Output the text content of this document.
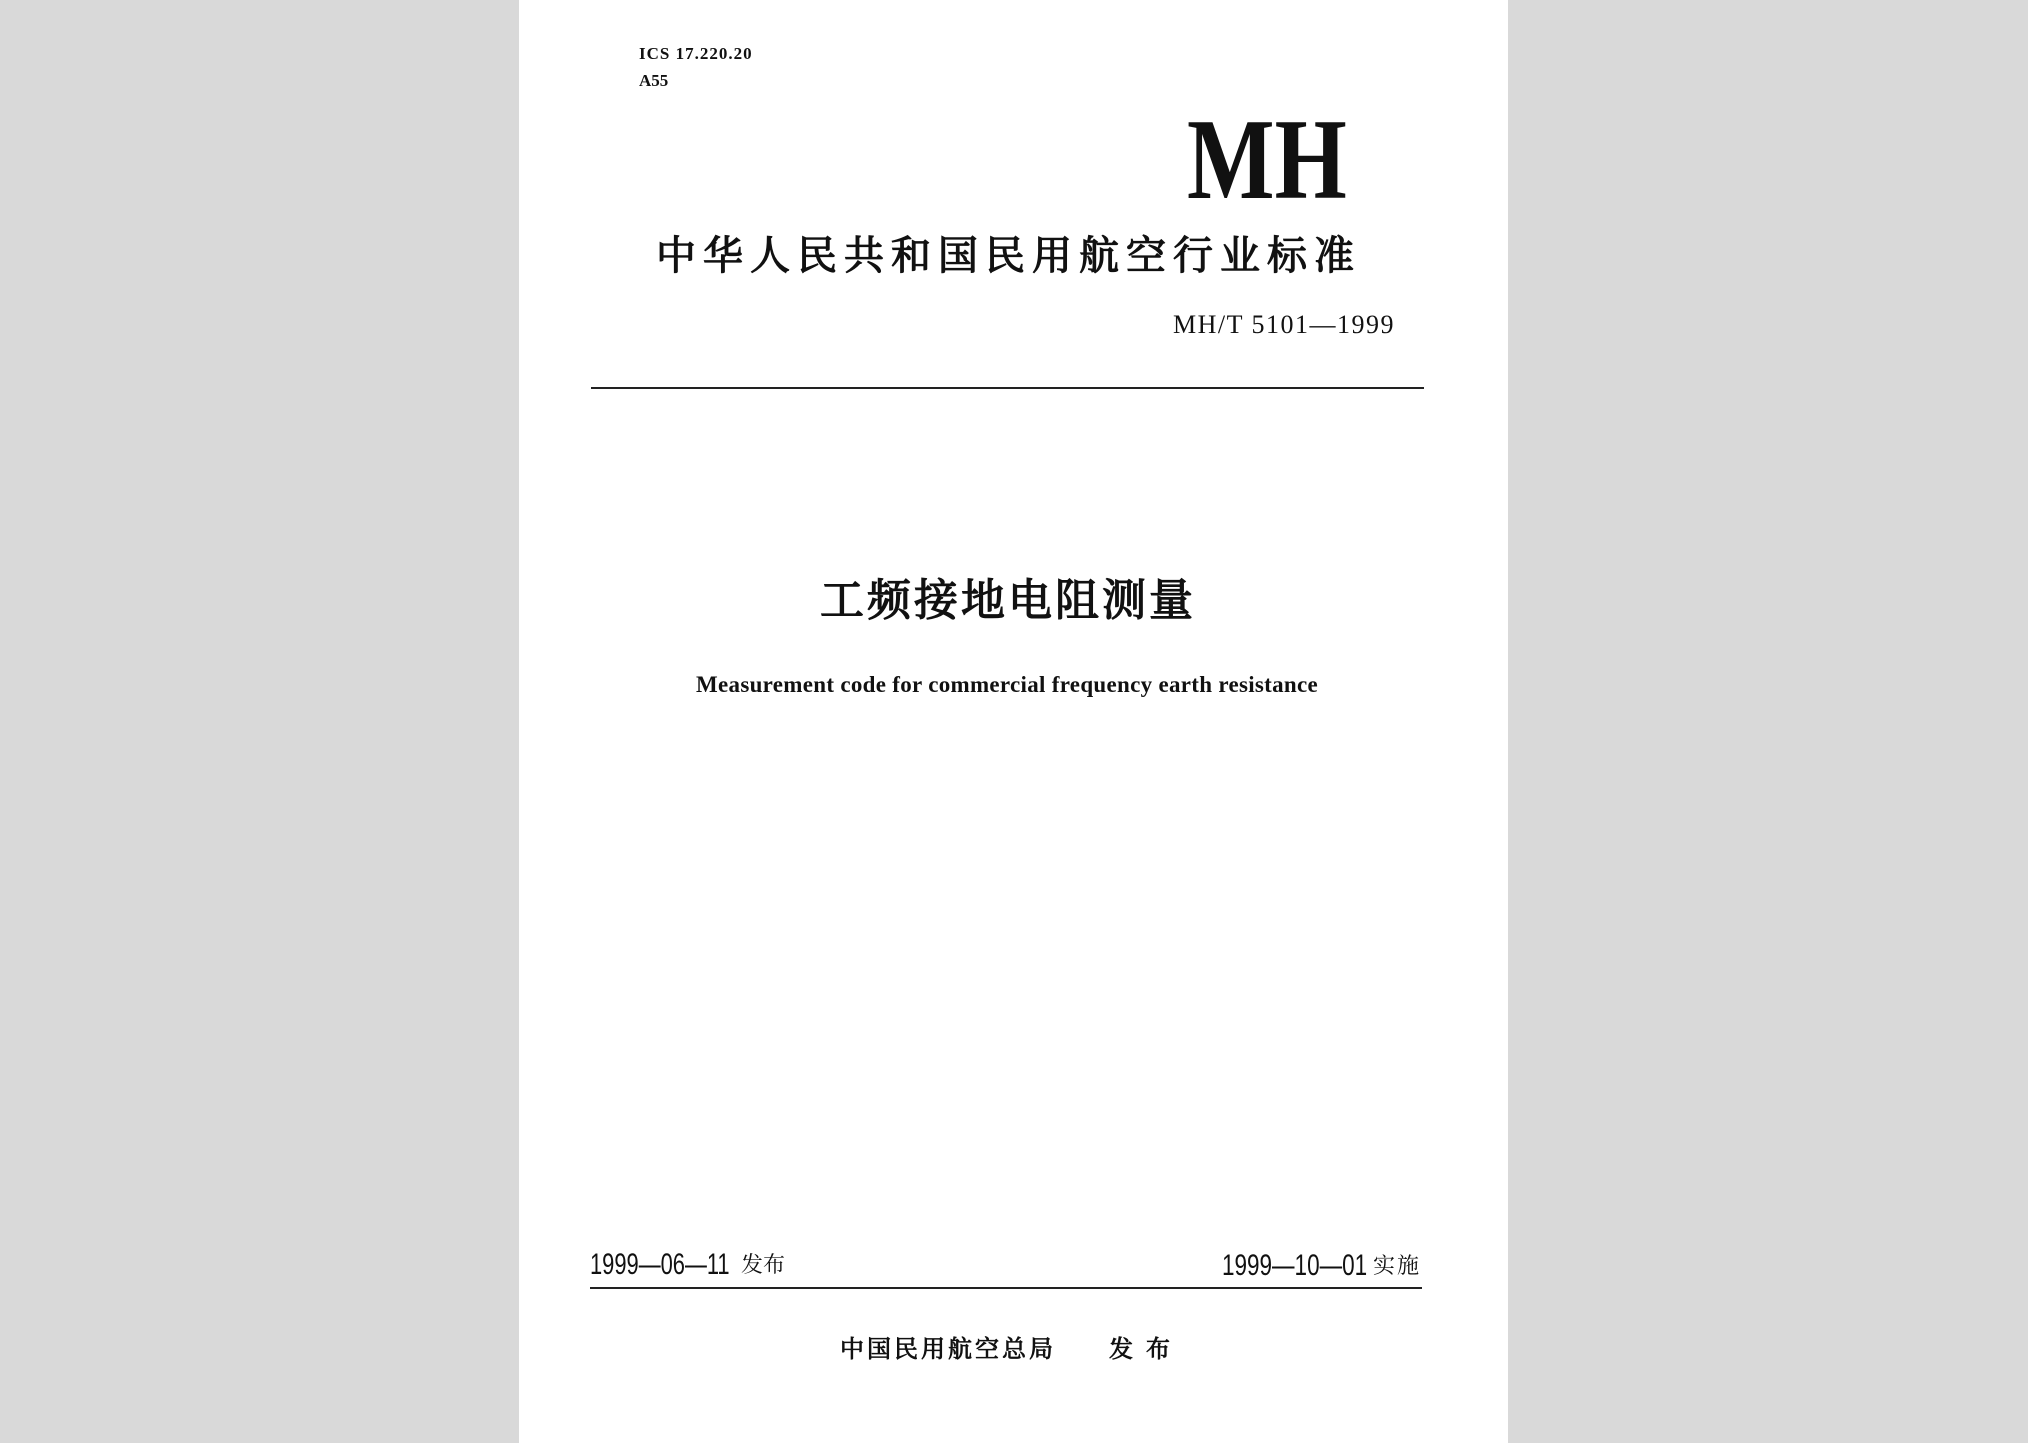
ICS 17.220.20
A55
MH
中华人民共和国民用航空行业标准
MH/T 5101—1999
工频接地电阻测量
Measurement code for commercial frequency earth resistance
1999—06—11 发布	1999—10—01 实施
中国民用航空总局 发布
